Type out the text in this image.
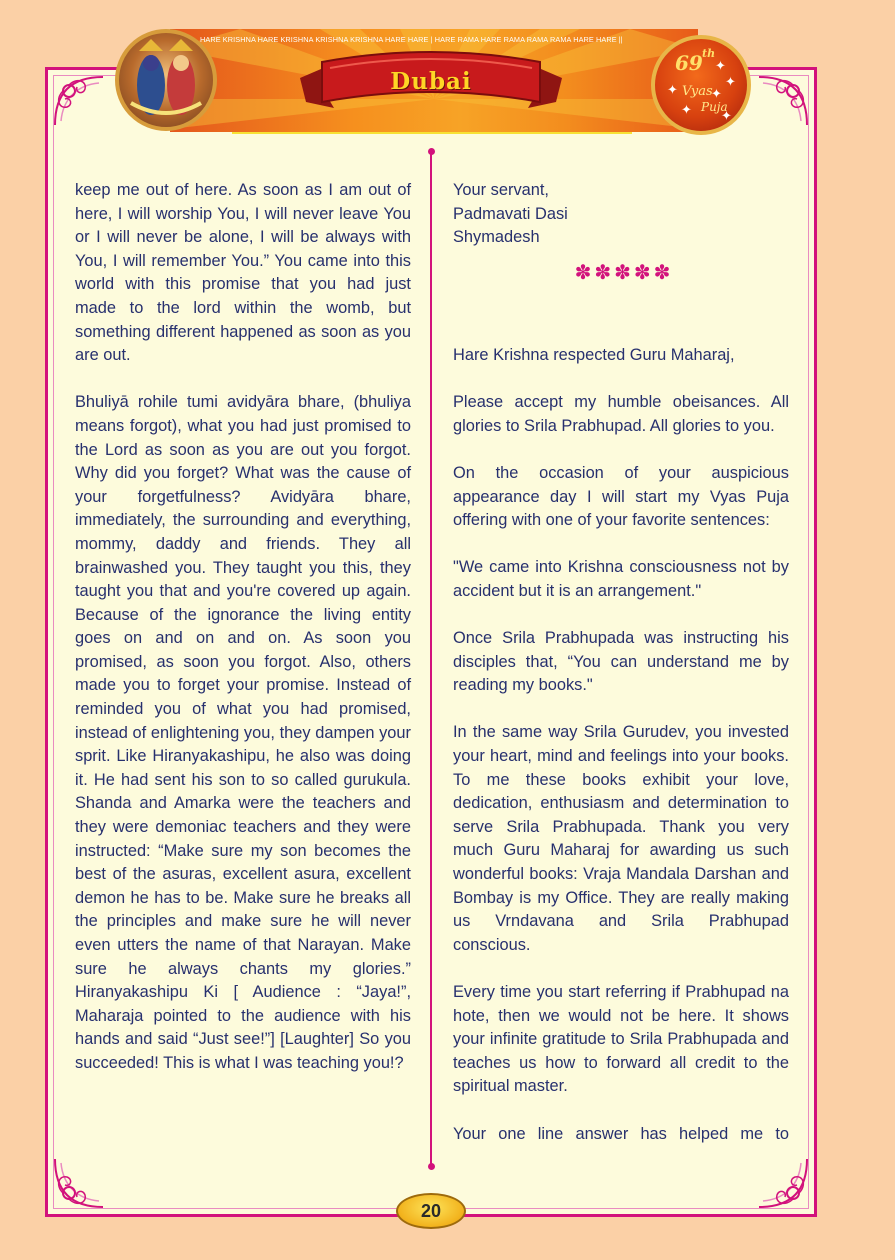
HARE KRISHNA HARE KRISHNA KRISHNA KRISHNA HARE HARE | HARE RAMA HARE RAMA RAMA RAMA HARE HARE ||
Dubai
69 th
Vyas
Puja
✦
✦
✦	✦
✦ ✦

keep me out of here. As soon as I am out of here, I will worship You, I will never leave You or I will never be alone, I will be always with You, I will remember You.” You came into this world with this promise that you had just made to the lord within the womb, but something different happened as soon as you are out.

Bhuliyā rohile tumi avidyāra bhare, (bhuliya means forgot), what you had just promised to the Lord as soon as you are out you forgot. Why did you forget? What was the cause of your forgetfulness? Avidyāra bhare, immediately, the surrounding and everything, mommy, daddy and friends. They all brainwashed you. They taught you this, they taught you that and you're covered up again. Because of the ignorance the living entity goes on and on and on. As soon you promised, as soon you forgot. Also, others made you to forget your promise. Instead of reminded you of what you had promised, instead of enlightening you, they dampen your sprit. Like Hiranyakashipu, he also was doing it. He had sent his son to so called gurukula. Shanda and Amarka were the teachers and they were demoniac teachers and they were instructed: “Make sure my son becomes the best of the asuras, excellent asura, excellent demon he has to be. Make sure he breaks all the principles and make sure he will never even utters the name of that Narayan. Make sure he always chants my glories.” Hiranyakashipu Ki [ Audience : “Jaya!”, Maharaja pointed to the audience with his hands and said “Just see!”] [Laughter] So you succeeded! This is what I was teaching you!?

Your servant,

Padmavati Dasi

Shymadesh

✽✽✽✽✽

Hare Krishna respected Guru Maharaj,

Please accept my humble obeisances. All glories to Srila Prabhupad. All glories to you.

On the occasion of your auspicious appearance day I will start my Vyas Puja offering with one of your favorite sentences:

"We came into Krishna consciousness not by accident but it is an arrangement."

Once Srila Prabhupada was instructing his disciples that, “You can understand me by reading my books."

In the same way Srila Gurudev, you invested your heart, mind and feelings into your books. To me these books exhibit your love, dedication, enthusiasm and determination to serve Srila Prabhupada. Thank you very much Guru Maharaj for awarding us such wonderful books: Vraja Mandala Darshan and Bombay is my Office. They are really making us Vrndavana and Srila Prabhupad conscious.

Every time you start referring if Prabhupad na hote, then we would not be here. It shows your infinite gratitude to Srila Prabhupada and teaches us how to forward all credit to the spiritual master.

Your one line answer has helped me to

20
